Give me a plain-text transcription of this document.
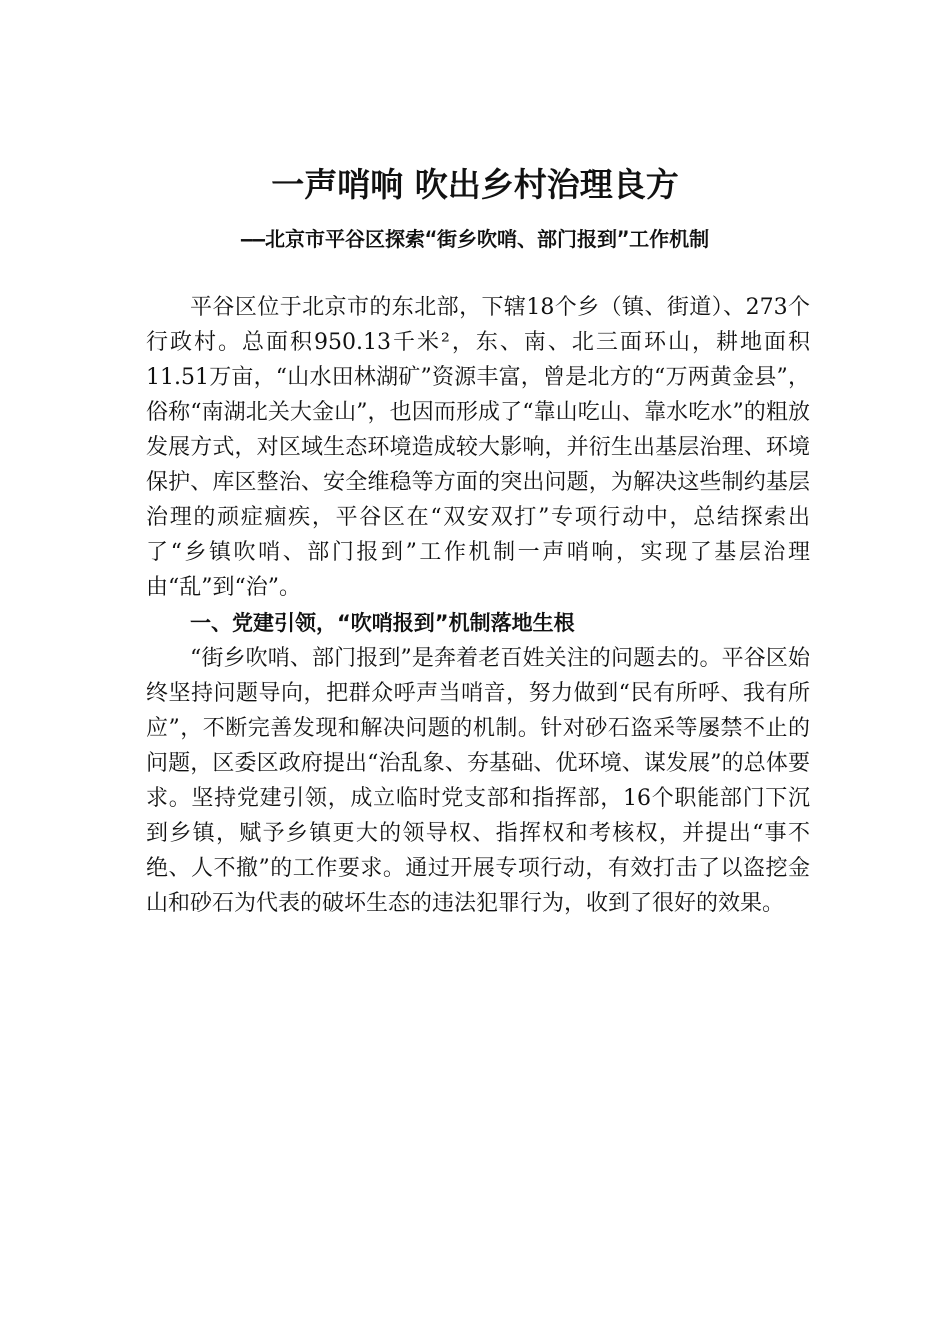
一声哨响 吹出乡村治理良方
——北京市平谷区探索“街乡吹哨、部门报到”工作机制

平谷区位于北京市的东北部，下辖18个乡（镇、街道）、273个行政村。总面积950.13千米²，东、南、北三面环山，耕地面积11.51万亩，“山水田林湖矿”资源丰富，曾是北方的“万两黄金县”，俗称“南湖北关大金山”，也因而形成了“靠山吃山、靠水吃水”的粗放发展方式，对区域生态环境造成较大影响，并衍生出基层治理、环境保护、库区整治、安全维稳等方面的突出问题，为解决这些制约基层治理的顽症痼疾，平谷区在“双安双打”专项行动中，总结探索出了“乡镇吹哨、部门报到”工作机制一声哨响，实现了基层治理由“乱”到“治”。

一、党建引领，“吹哨报到”机制落地生根

“街乡吹哨、部门报到”是奔着老百姓关注的问题去的。平谷区始终坚持问题导向，把群众呼声当哨音，努力做到“民有所呼、我有所应”，不断完善发现和解决问题的机制。针对砂石盗采等屡禁不止的问题，区委区政府提出“治乱象、夯基础、优环境、谋发展”的总体要求。坚持党建引领，成立临时党支部和指挥部，16个职能部门下沉到乡镇，赋予乡镇更大的领导权、指挥权和考核权，并提出“事不绝、人不撤”的工作要求。通过开展专项行动，有效打击了以盗挖金山和砂石为代表的破坏生态的违法犯罪行为，收到了很好的效果。
